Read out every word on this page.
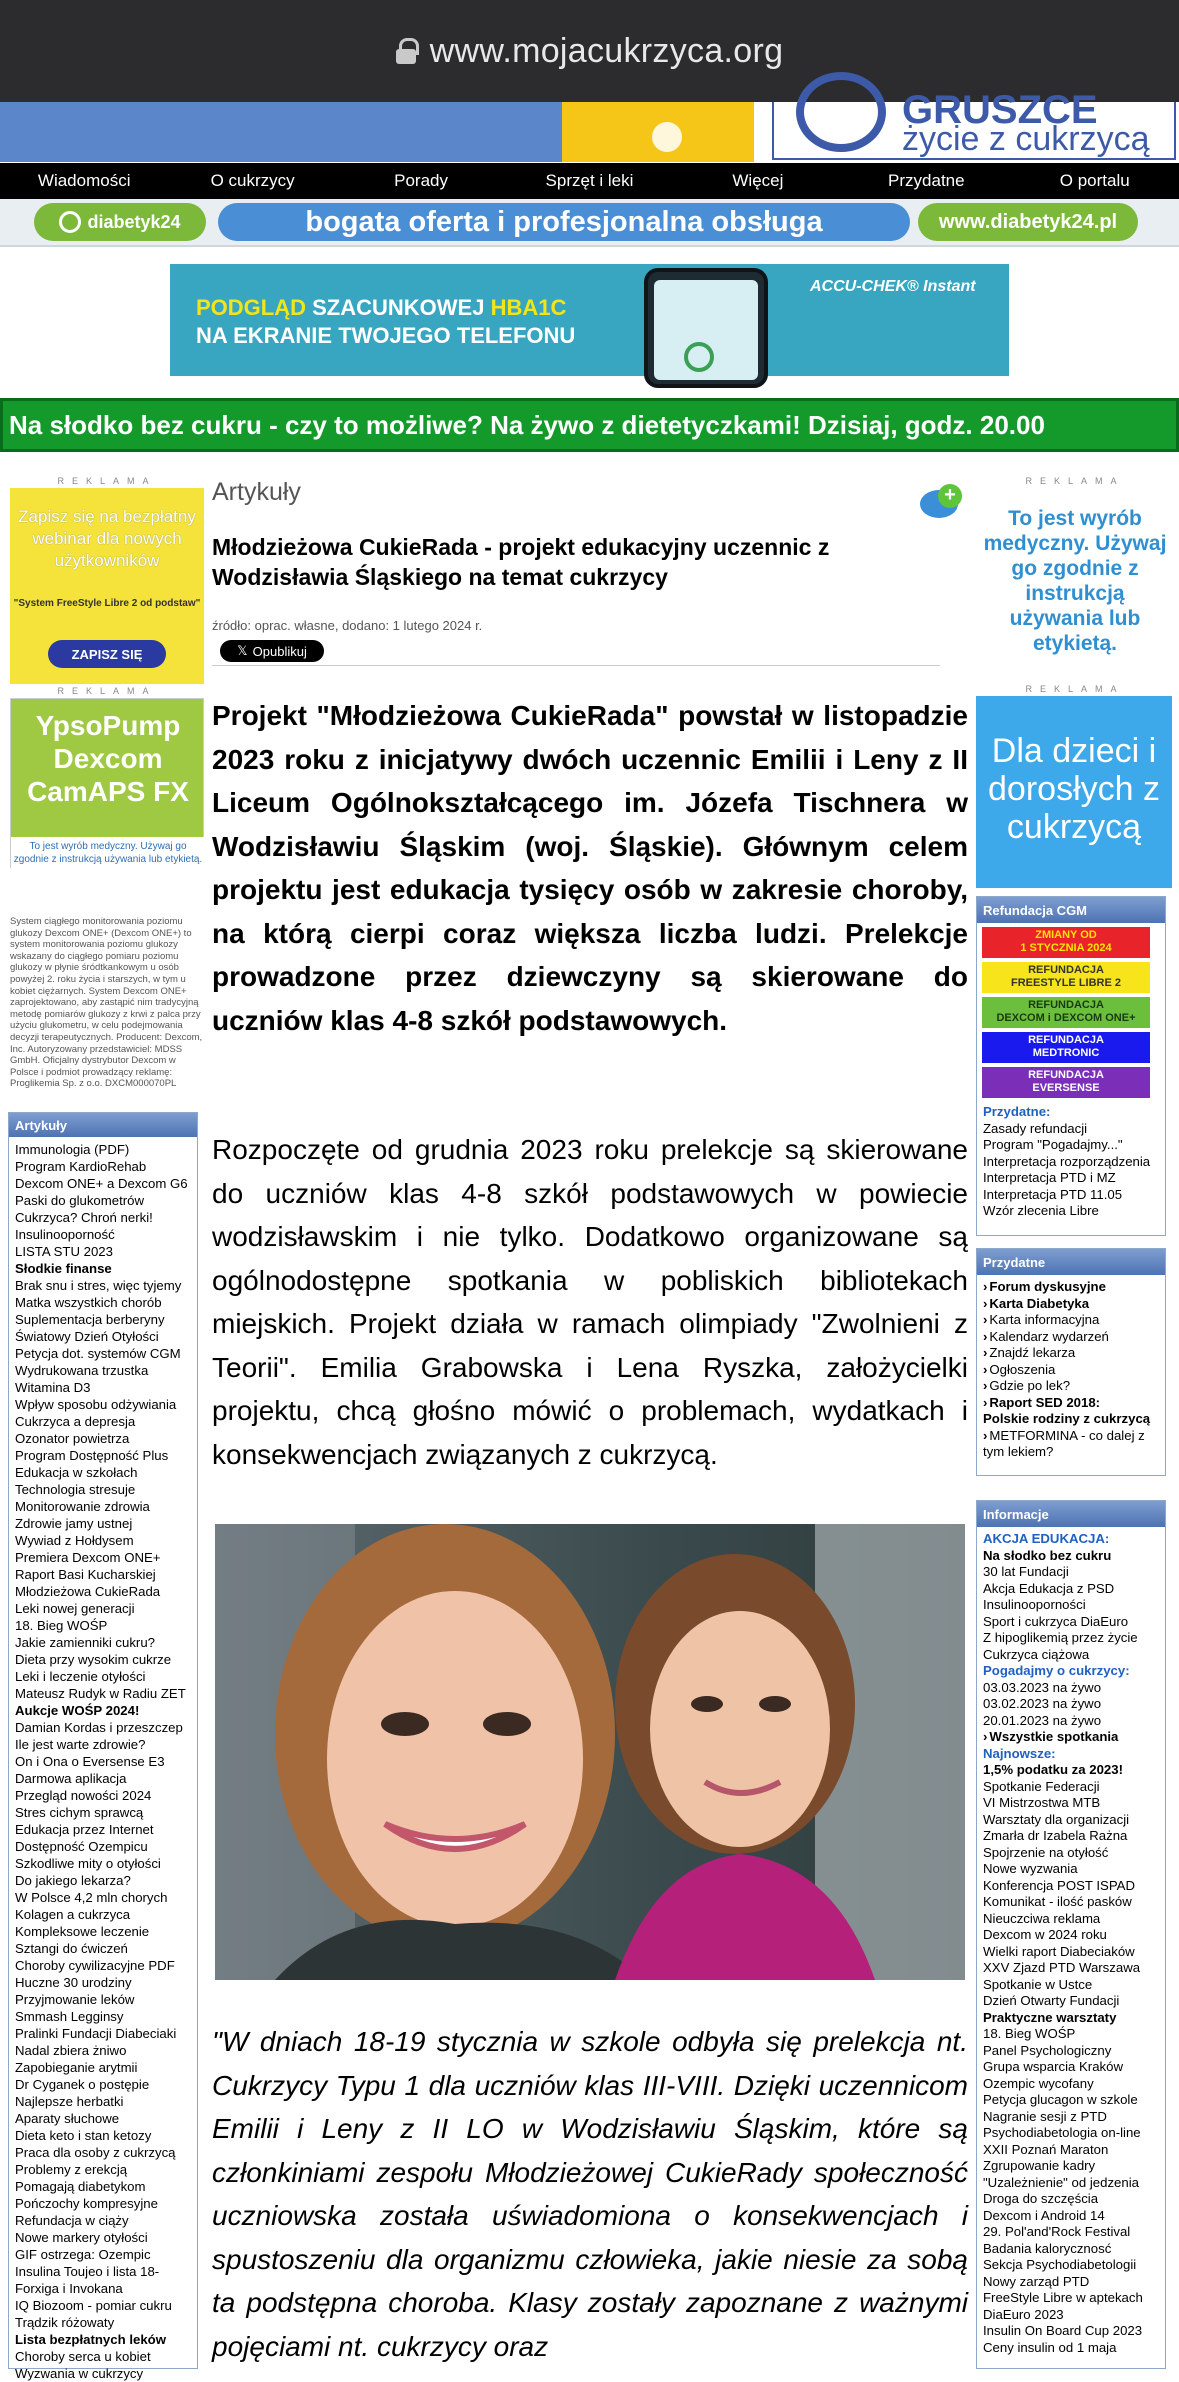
www.mojacukrzyca.org
GRUSZCE
życie z cukrzycą
Wiadomości	O cukrzycy	Porady	Sprzęt i leki	Więcej	Przydatne	O portalu
diabetyk24	bogata oferta i profesjonalna obsługa	www.diabetyk24.pl
PODGLĄD SZACUNKOWEJ HBA1C
NA EKRANIE TWOJEGO TELEFONU
ACCU-CHEK® Instant
Na słodko bez cukru - czy to możliwe? Na żywo z dietetyczkami! Dzisiaj, godz. 20.00
REKLAMA
Zapisz się na bezpłatny webinar dla nowych użytkowników
"System FreeStyle Libre 2 od podstaw"
ZAPISZ SIĘ
REKLAMA
YpsoPump Dexcom CamAPS FX
To jest wyrób medyczny. Używaj go zgodnie z instrukcją używania lub etykietą.
System ciągłego monitorowania poziomu glukozy Dexcom ONE+ (Dexcom ONE+) to system monitorowania poziomu glukozy wskazany do ciągłego pomiaru poziomu glukozy w płynie śródtkankowym u osób powyżej 2. roku życia i starszych, w tym u kobiet ciężarnych. System Dexcom ONE+ zaprojektowano, aby zastąpić nim tradycyjną metodę pomiarów glukozy z krwi z palca przy użyciu glukometru, w celu podejmowania decyzji terapeutycznych. Producent: Dexcom, Inc. Autoryzowany przedstawiciel: MDSS GmbH. Oficjalny dystrybutor Dexcom w Polsce i podmiot prowadzący reklamę: Proglikemia Sp. z o.o. DXCM000070PL
Artykuły
Immunologia (PDF)
Program KardioRehab
Dexcom ONE+ a Dexcom G6
Paski do glukometrów
Cukrzyca? Chroń nerki!
Insulinooporność
LISTA STU 2023
Słodkie finanse
Brak snu i stres, więc tyjemy
Matka wszystkich chorób
Suplementacja berberyny
Światowy Dzień Otyłości
Petycja dot. systemów CGM
Wydrukowana trzustka
Witamina D3
Wpływ sposobu odżywiania
Cukrzyca a depresja
Ozonator powietrza
Program Dostępność Plus
Edukacja w szkołach
Technologia stresuje
Monitorowanie zdrowia
Zdrowie jamy ustnej
Wywiad z Hołdysem
Premiera Dexcom ONE+
Raport Basi Kucharskiej
Młodzieżowa CukieRada
Leki nowej generacji
18. Bieg WOŚP
Jakie zamienniki cukru?
Dieta przy wysokim cukrze
Leki i leczenie otyłości
Mateusz Rudyk w Radiu ZET
Aukcje WOŚP 2024!
Damian Kordas i przeszczep
Ile jest warte zdrowie?
On i Ona o Eversense E3
Darmowa aplikacja
Przegląd nowości 2024
Stres cichym sprawcą
Edukacja przez Internet
Dostępność Ozempicu
Szkodliwe mity o otyłości
Do jakiego lekarza?
W Polsce 4,2 mln chorych
Kolagen a cukrzyca
Kompleksowe leczenie
Sztangi do ćwiczeń
Choroby cywilizacyjne PDF
Huczne 30 urodziny
Przyjmowanie leków
Smmash Legginsy
Pralinki Fundacji Diabeciaki
Nadal zbiera żniwo
Zapobieganie arytmii
Dr Cyganek o postępie
Najlepsze herbatki
Aparaty słuchowe
Dieta keto i stan ketozy
Praca dla osoby z cukrzycą
Problemy z erekcją
Pomagają diabetykom
Pończochy kompresyjne
Refundacja w ciąży
Nowe markery otyłości
GIF ostrzega: Ozempic
Insulina Toujeo i lista 18-
Forxiga i Invokana
IQ Biozoom - pomiar cukru
Trądzik różowaty
Lista bezpłatnych leków
Choroby serca u kobiet
Wyzwania w cukrzycy
Artykuły	+
Młodzieżowa CukieRada - projekt edukacyjny uczennic z Wodzisławia Śląskiego na temat cukrzycy
źródło: oprac. własne, dodano: 1 lutego 2024 r.
𝕏 Opublikuj

Projekt "Młodzieżowa CukieRada" powstał w listopadzie 2023 roku z inicjatywy dwóch uczennic Emilii i Leny z II Liceum Ogólnokształcącego im. Józefa Tischnera w Wodzisławiu Śląskim (woj. Śląskie). Głównym celem projektu jest edukacja tysięcy osób w zakresie choroby, na którą cierpi coraz większa liczba ludzi. Prelekcje prowadzone przez dziewczyny są skierowane do uczniów klas 4-8 szkół podstawowych.

Rozpoczęte od grudnia 2023 roku prelekcje są skierowane do uczniów klas 4-8 szkół podstawowych w powiecie wodzisławskim i nie tylko. Dodatkowo organizowane są ogólnodostępne spotkania w pobliskich bibliotekach miejskich. Projekt działa w ramach olimpiady "Zwolnieni z Teorii". Emilia Grabowska i Lena Ryszka, założycielki projektu, chcą głośno mówić o problemach, wydatkach i konsekwencjach związanych z cukrzycą.

"W dniach 18-19 stycznia w szkole odbyła się prelekcja nt. Cukrzycy Typu 1 dla uczniów klas III-VIII. Dzięki uczennicom Emilii i Leny z II LO w Wodzisławiu Śląskim, które są członkiniami zespołu Młodzieżowej CukieRady społeczność uczniowska została uświadomiona o konsekwencjach i spustoszeniu dla organizmu człowieka, jakie niesie za sobą ta podstępna choroba. Klasy zostały zapoznane z ważnymi pojęciami nt. cukrzycy oraz

REKLAMA
To jest wyrób medyczny. Używaj go zgodnie z instrukcją używania lub etykietą.
REKLAMA
Dla dzieci i dorosłych z cukrzycą
Refundacja CGM
ZMIANY OD
1 STYCZNIA 2024
REFUNDACJA
FREESTYLE LIBRE 2
REFUNDACJA
DEXCOM i DEXCOM ONE+
REFUNDACJA
MEDTRONIC
REFUNDACJA
EVERSENSE
Przydatne:
Zasady refundacji
Program "Pogadajmy..."
Interpretacja rozporządzenia
Interpretacja PTD i MZ
Interpretacja PTD 11.05
Wzór zlecenia Libre
Przydatne
› Forum dyskusyjne
› Karta Diabetyka
› Karta informacyjna
› Kalendarz wydarzeń
› Znajdź lekarza
› Ogłoszenia
› Gdzie po lek?
› Raport SED 2018:
Polskie rodziny z cukrzycą
› METFORMINA - co dalej z tym lekiem?
Informacje
AKCJA EDUKACJA:
Na słodko bez cukru
30 lat Fundacji
Akcja Edukacja z PSD
Insulinooporności
Sport i cukrzyca DiaEuro
Z hipoglikemią przez życie
Cukrzyca ciążowa
Pogadajmy o cukrzycy:
03.03.2023 na żywo
03.02.2023 na żywo
20.01.2023 na żywo
› Wszystkie spotkania
Najnowsze:
1,5% podatku za 2023!
Spotkanie Federacji
VI Mistrzostwa MTB
Warsztaty dla organizacji
Zmarła dr Izabela Rażna
Spojrzenie na otyłość
Nowe wyzwania
Konferencja POST ISPAD
Komunikat - ilość pasków
Nieuczciwa reklama
Dexcom w 2024 roku
Wielki raport Diabeciaków
XXV Zjazd PTD Warszawa
Spotkanie w Ustce
Dzień Otwarty Fundacji
Praktyczne warsztaty
18. Bieg WOŚP
Panel Psychologiczny
Grupa wsparcia Kraków
Ozempic wycofany
Petycja glucagon w szkole
Nagranie sesji z PTD
Psychodiabetologia on-line
XXII Poznań Maraton
Zgrupowanie kadry
"Uzależnienie" od jedzenia
Droga do szczęścia
Dexcom i Android 14
29. Pol'and'Rock Festival
Badania kalorycznosć
Sekcja Psychodiabetologii
Nowy zarząd PTD
FreeStyle Libre w aptekach
DiaEuro 2023
Insulin On Board Cup 2023
Ceny insulin od 1 maja
